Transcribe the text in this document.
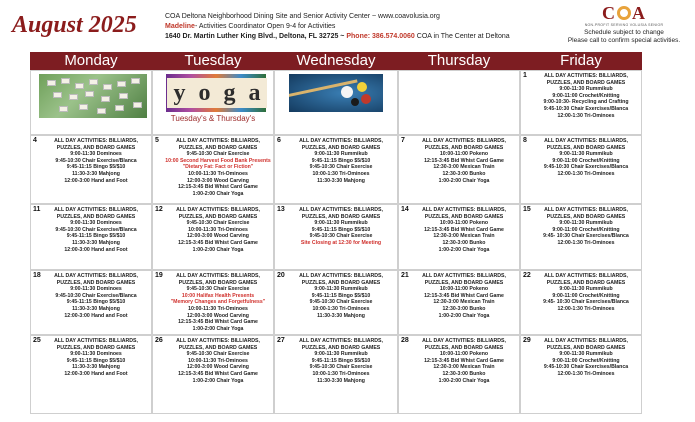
August 2025	COA Deltona Neighborhood Dining Site and Senior Activity Center ~ www.coavolusia.org
Madeline- Activities Coordinator Open 9-4 for Activities
1640 Dr. Martin Luther King Blvd., Deltona, FL 32725 ~ Phone: 386.574.0060 COA in The Center at Deltona
C A
NON-PROFIT SERVING VOLUSIA SENIOR
Schedule subject to change
Please call to confirm special activities.
Monday	Tuesday	Wednesday	Thursday	Friday
y o g a
Tuesday's & Thursday's
1	ALL DAY ACTIVITIES: BILLIARDS,
PUZZLES, AND BOARD GAMES
9:00-11:30 Rummikub
9:00-11:00 Crochet/Knitting
9:00-10:30- Recycling and Crafting
9:45-10:30 Chair Exercises/Blanca
12:00-1:30 Tri-Ominoes
4	ALL DAY ACTIVITIES: BILLIARDS,
PUZZLES, AND BOARD GAMES
9:00-11:30 Dominoes
9:45-10:30 Chair Exercise/Blanca
9:45-11:15 Bingo $5/$10
11:30-3:30 Mahjong
12:00-3:00 Hand and Foot
5	ALL DAY ACTIVITIES: BILLIARDS,
PUZZLES, AND BOARD GAMES
9:45-10:30 Chair Exercise
10:00 Second Harvest Food Bank Presents
"Dietary Fat: Fact or Fiction"
10:00-11:30 Tri-Ominoes
12:00-3:00 Wood Carving
12:15-3:45 Bid Whist Card Game
1:00-2:00 Chair Yoga
6	ALL DAY ACTIVITIES: BILLIARDS,
PUZZLES, AND BOARD GAMES
9:00-11:30 Rummikub
9:45-11:15 Bingo $5/$10
9:45-10:30 Chair Exercise
10:00-1:30 Tri-Ominoes
11:30-3:30 Mahjong
7	ALL DAY ACTIVITIES: BILLIARDS,
PUZZLES, AND BOARD GAMES
10:00-11:00 Pokeno
12:15-3:45 Bid Whist Card Game
12:30-3:00 Mexican Train
12:30-3:00 Bunko
1:00-2:00 Chair Yoga
8	ALL DAY ACTIVITIES: BILLIARDS,
PUZZLES, AND BOARD GAMES
9:00-11:30 Rummikub
9:00-11:00 Crochet/Knitting
9:45-10:30 Chair Exercises/Blanca
12:00-1:30 Tri-Ominoes
11	ALL DAY ACTIVITIES: BILLIARDS,
PUZZLES, AND BOARD GAMES
9:00-11:30 Dominoes
9:45-10:30 Chair Exercise/Blanca
9:45-11:15 Bingo $5/$10
11:30-3:30 Mahjong
12:00-3:00 Hand and Foot
12	ALL DAY ACTIVITIES: BILLIARDS,
PUZZLES, AND BOARD GAMES
9:45-10:30 Chair Exercise
10:00-11:30 Tri-Ominoes
12:00-3:00 Wood Carving
12:15-3:45 Bid Whist Card Game
1:00-2:00 Chair Yoga
13	ALL DAY ACTIVITIES: BILLIARDS,
PUZZLES, AND BOARD GAMES
9:00-11:30 Rummikub
9:45-11:15 Bingo $5/$10
9:45-10:30 Chair Exercise
Site Closing at 12:30 for Meeting
14	ALL DAY ACTIVITIES: BILLIARDS,
PUZZLES, AND BOARD GAMES
10:00-11:00 Pokeno
12:15-3:45 Bid Whist Card Game
12:30-3:00 Mexican Train
12:30-3:00 Bunko
1:00-2:00 Chair Yoga
15	ALL DAY ACTIVITIES: BILLIARDS,
PUZZLES, AND BOARD GAMES
9:00-11:30 Rummikub
9:00-11:00 Crochet/Knitting
9:45- 10:30 Chair Exercises/Blanca
12:00-1:30 Tri-Ominoes
18	ALL DAY ACTIVITIES: BILLIARDS,
PUZZLES, AND BOARD GAMES
9:00-11:30 Dominoes
9:45-10:30 Chair Exercise/Blanca
9:45-11:15 Bingo $5/$10
11:30-3:30 Mahjong
12:00-3:00 Hand and Foot
19	ALL DAY ACTIVITIES: BILLIARDS,
PUZZLES, AND BOARD GAMES
9:45-10:30 Chair Exercise
10:00 Halifax Health Presents
"Memory Changes and Forgetfulness"
10:00-11:30 Tri-Ominoes
12:00-3:00 Wood Carving
12:15-3:45 Bid Whist Card Game
1:00-2:00 Chair Yoga
20	ALL DAY ACTIVITIES: BILLIARDS,
PUZZLES, AND BOARD GAMES
9:00-11:30 Rummikub
9:45-11:15 Bingo $5/$10
9:45-10:30 Chair Exercise
10:00-1:30 Tri-Ominoes
11:30-3:30 Mahjong
21	ALL DAY ACTIVITIES: BILLIARDS,
PUZZLES, AND BOARD GAMES
10:00-11:00 Pokeno
12:15-3:45 Bid Whist Card Game
12:30-3:00 Mexican Train
12:30-3:00 Bunko
1:00-2:00 Chair Yoga
22	ALL DAY ACTIVITIES: BILLIARDS,
PUZZLES, AND BOARD GAMES
9:00-11:30 Rummikub
9:00-11:00 Crochet/Knitting
9:45- 10:30 Chair Exercises/Blanca
12:00-1:30 Tri-Ominoes
25	ALL DAY ACTIVITIES: BILLIARDS,
PUZZLES, AND BOARD GAMES
9:00-11:30 Dominoes
9:45-11:15 Bingo $5/$10
11:30-3:30 Mahjong
12:00-3:00 Hand and Foot
26	ALL DAY ACTIVITIES: BILLIARDS,
PUZZLES, AND BOARD GAMES
9:45-10:30 Chair Exercise
10:00-11:30 Tri-Ominoes
12:00-3:00 Wood Carving
12:15-3:45 Bid Whist Card Game
1:00-2:00 Chair Yoga
27	ALL DAY ACTIVITIES: BILLIARDS,
PUZZLES, AND BOARD GAMES
9:00-11:30 Rummikub
9:45-11:15 Bingo $5/$10
9:45-10:30 Chair Exercise
10:00-1:30 Tri-Ominoes
11:30-3:30 Mahjong
28	ALL DAY ACTIVITIES: BILLIARDS,
PUZZLES, AND BOARD GAMES
10:00-11:00 Pokeno
12:15-3:45 Bid Whist Card Game
12:30-3:00 Mexican Train
12:30-3:00 Bunko
1:00-2:00 Chair Yoga
29	ALL DAY ACTIVITIES: BILLIARDS,
PUZZLES, AND BOARD GAMES
9:00-11:30 Rummikub
9:00-11:00 Crochet/Knitting
9:45-10:30 Chair Exercises/Blanca
12:00-1:30 Tri-Ominoes
